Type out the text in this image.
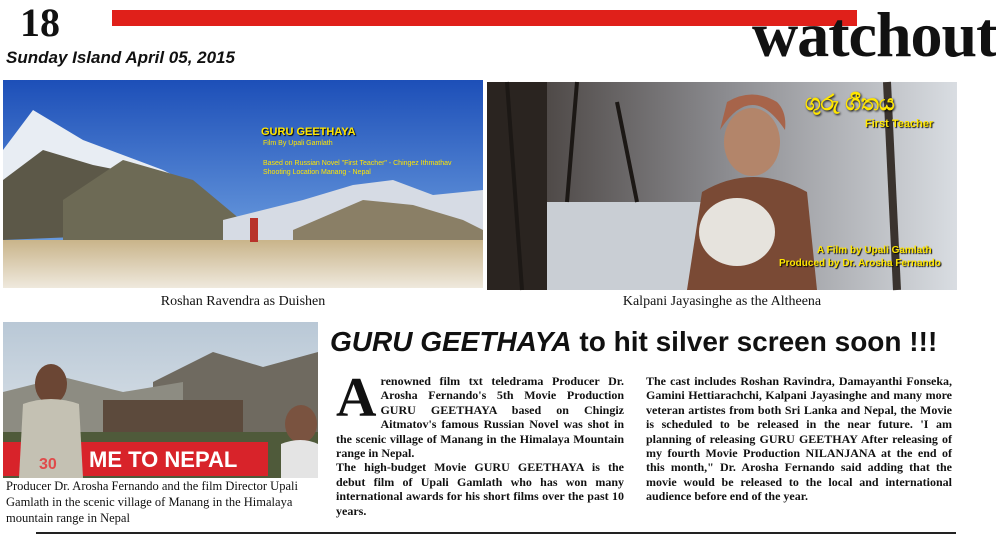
18	watchout
Sunday Island April 05, 2015
GURU GEETHAYA
Film By Upali Gamlath
Based on Russian Novel "First Teacher" - Chingez Ithmathav
Shooting Location Manang - Nepal
Roshan Ravendra as Duishen
ගුරු ගීතය
First Teacher
A Film by Upali Gamlath
Produced by Dr. Arosha Fernando
Kalpani Jayasinghe as the Altheena
ME TO NEPAL
30
Producer Dr. Arosha Fernando and the film Director Upali Gamlath in the scenic village of Manang in the Himalaya mountain range in Nepal
GURU GEETHAYA to hit silver screen soon !!!
A renowned film txt teledrama Producer Dr. Arosha Fernando's 5th Movie Production GURU GEETHAYA based on Chingiz Aitmatov's famous Russian Novel was shot in the scenic village of Manang in the Himalaya Mountain range in Nepal.

The high-budget Movie GURU GEETHAYA is the debut film of Upali Gamlath who has won many international awards for his short films over the past 10 years.

The cast includes Roshan Ravindra, Damayanthi Fonseka, Gamini Hettiarachchi, Kalpani Jayasinghe and many more veteran artistes from both Sri Lanka and Nepal, the Movie is scheduled to be released in the near future. 'I am planning of releasing GURU GEETHAY After releasing of my fourth Movie Production NILANJANA at the end of this month," Dr. Arosha Fernando said adding that the movie would be released to the local and international audience before end of the year.
